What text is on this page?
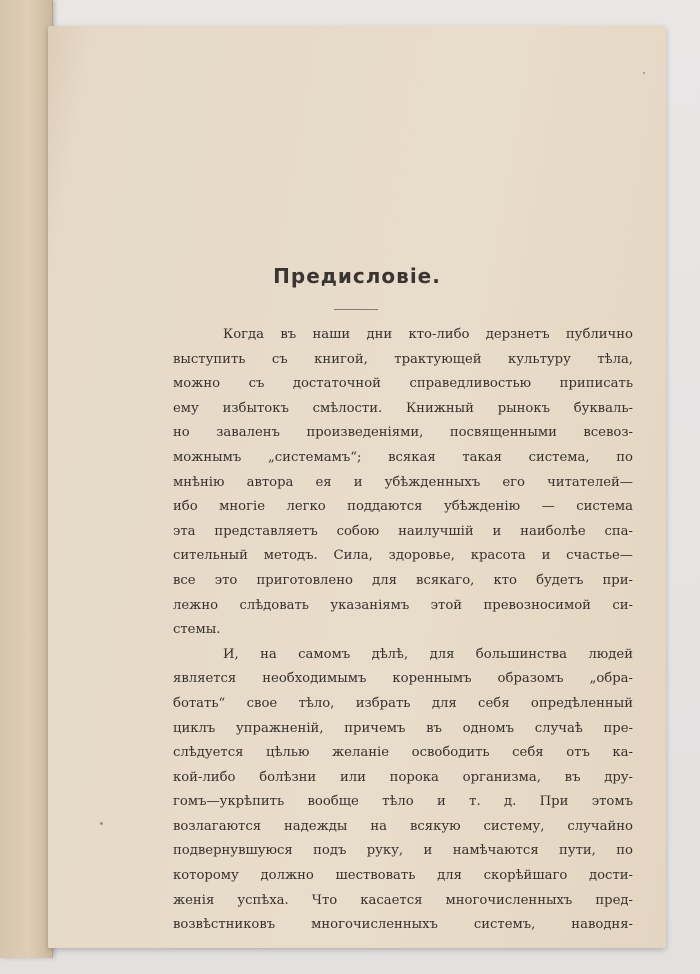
Предисловіе.
Когда въ наши дни кто-либо дерзнетъ публично
выступить съ книгой, трактующей культуру тѣла,
можно съ достаточной справедливостью приписать
ему избытокъ смѣлости. Книжный рынокъ букваль-
но заваленъ произведеніями, посвященными всевоз-
можнымъ „системамъ“; всякая такая система, по
мнѣнію автора ея и убѣжденныхъ его читателей—
ибо многіе легко поддаются убѣжденію — система
эта представляетъ собою наилучшій и наиболѣе спа-
сительный методъ. Сила, здоровье, красота и счастье—
все это приготовлено для всякаго, кто будетъ при-
лежно слѣдовать указаніямъ этой превозносимой си-
стемы.
И, на самомъ дѣлѣ, для большинства людей
является необходимымъ кореннымъ образомъ „обра-
ботать“ свое тѣло, избрать для себя опредѣленный
циклъ упражненій, причемъ въ одномъ случаѣ пре-
слѣдуется цѣлью желаніе освободить себя отъ ка-
кой-либо болѣзни или порока организма, въ дру-
гомъ—укрѣпить вообще тѣло и т. д. При этомъ
возлагаются надежды на всякую систему, случайно
подвернувшуюся подъ руку, и намѣчаются пути, по
которому должно шествовать для скорѣйшаго дости-
женія успѣха. Что касается многочисленныхъ пред-
возвѣстниковъ многочисленныхъ системъ, наводня-
